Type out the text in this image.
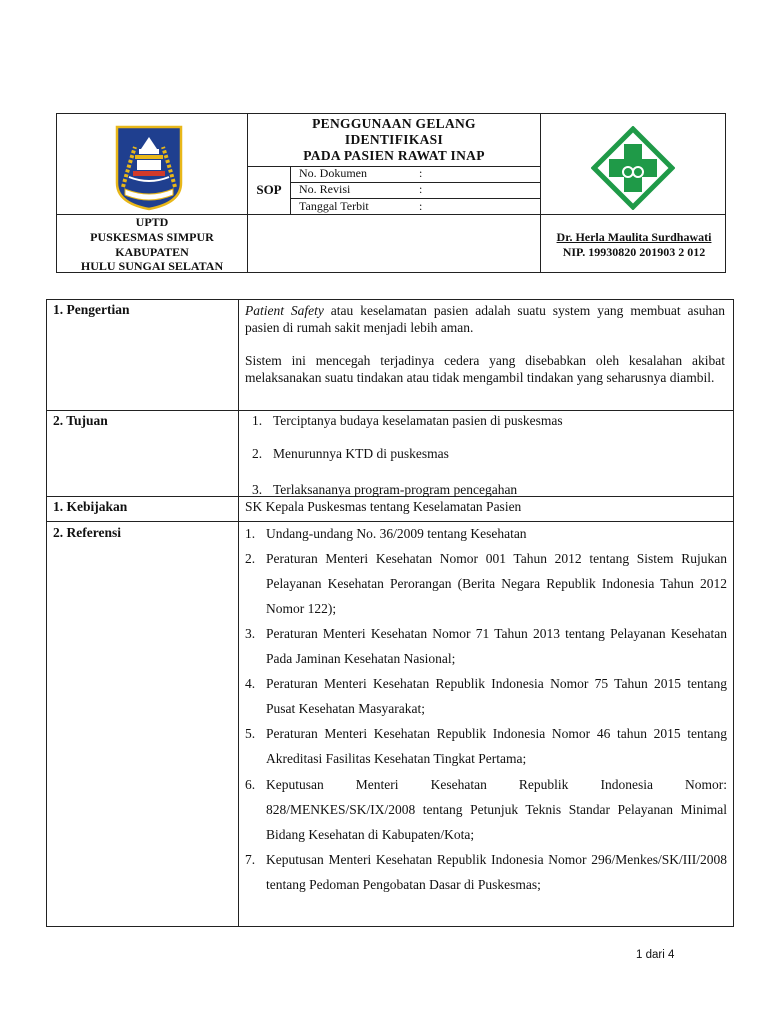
PENGGUNAAN GELANG
IDENTIFIKASI
PADA PASIEN RAWAT INAP
SOP
No. Dokumen	:
No. Revisi	:
Tanggal Terbit	:
UPTD
PUSKESMAS SIMPUR
KABUPATEN
HULU SUNGAI SELATAN
Dr. Herla Maulita Surdhawati
NIP. 19930820 201903 2 012
1. Pengertian	Patient Safety atau keselamatan pasien adalah suatu system yang membuat asuhan pasien di rumah sakit menjadi lebih aman.
Sistem ini mencegah terjadinya cedera yang disebabkan oleh kesalahan akibat melaksanakan suatu tindakan atau tidak mengambil tindakan yang seharusnya diambil.
2. Tujuan	1. Terciptanya budaya keselamatan pasien di puskesmas
2. Menurunnya KTD di puskesmas
3. Terlaksananya program-program pencegahan
1. Kebijakan	SK Kepala Puskesmas tentang Keselamatan Pasien
2. Referensi	1. Undang-undang No. 36/2009 tentang Kesehatan
2. Peraturan Menteri Kesehatan Nomor 001 Tahun 2012 tentang Sistem Rujukan Pelayanan Kesehatan Perorangan (Berita Negara Republik Indonesia Tahun 2012 Nomor 122);
3. Peraturan Menteri Kesehatan Nomor 71 Tahun 2013 tentang Pelayanan Kesehatan Pada Jaminan Kesehatan Nasional;
4. Peraturan Menteri Kesehatan Republik Indonesia Nomor 75 Tahun 2015 tentang Pusat Kesehatan Masyarakat;
5. Peraturan Menteri Kesehatan Republik Indonesia Nomor 46 tahun 2015 tentang Akreditasi Fasilitas Kesehatan Tingkat Pertama;
6. Keputusan Menteri Kesehatan Republik Indonesia Nomor: 828/MENKES/SK/IX/2008 tentang Petunjuk Teknis Standar Pelayanan Minimal Bidang Kesehatan di Kabupaten/Kota;
7. Keputusan Menteri Kesehatan Republik Indonesia Nomor 296/Menkes/SK/III/2008 tentang Pedoman Pengobatan Dasar di Puskesmas;
1 dari 4
